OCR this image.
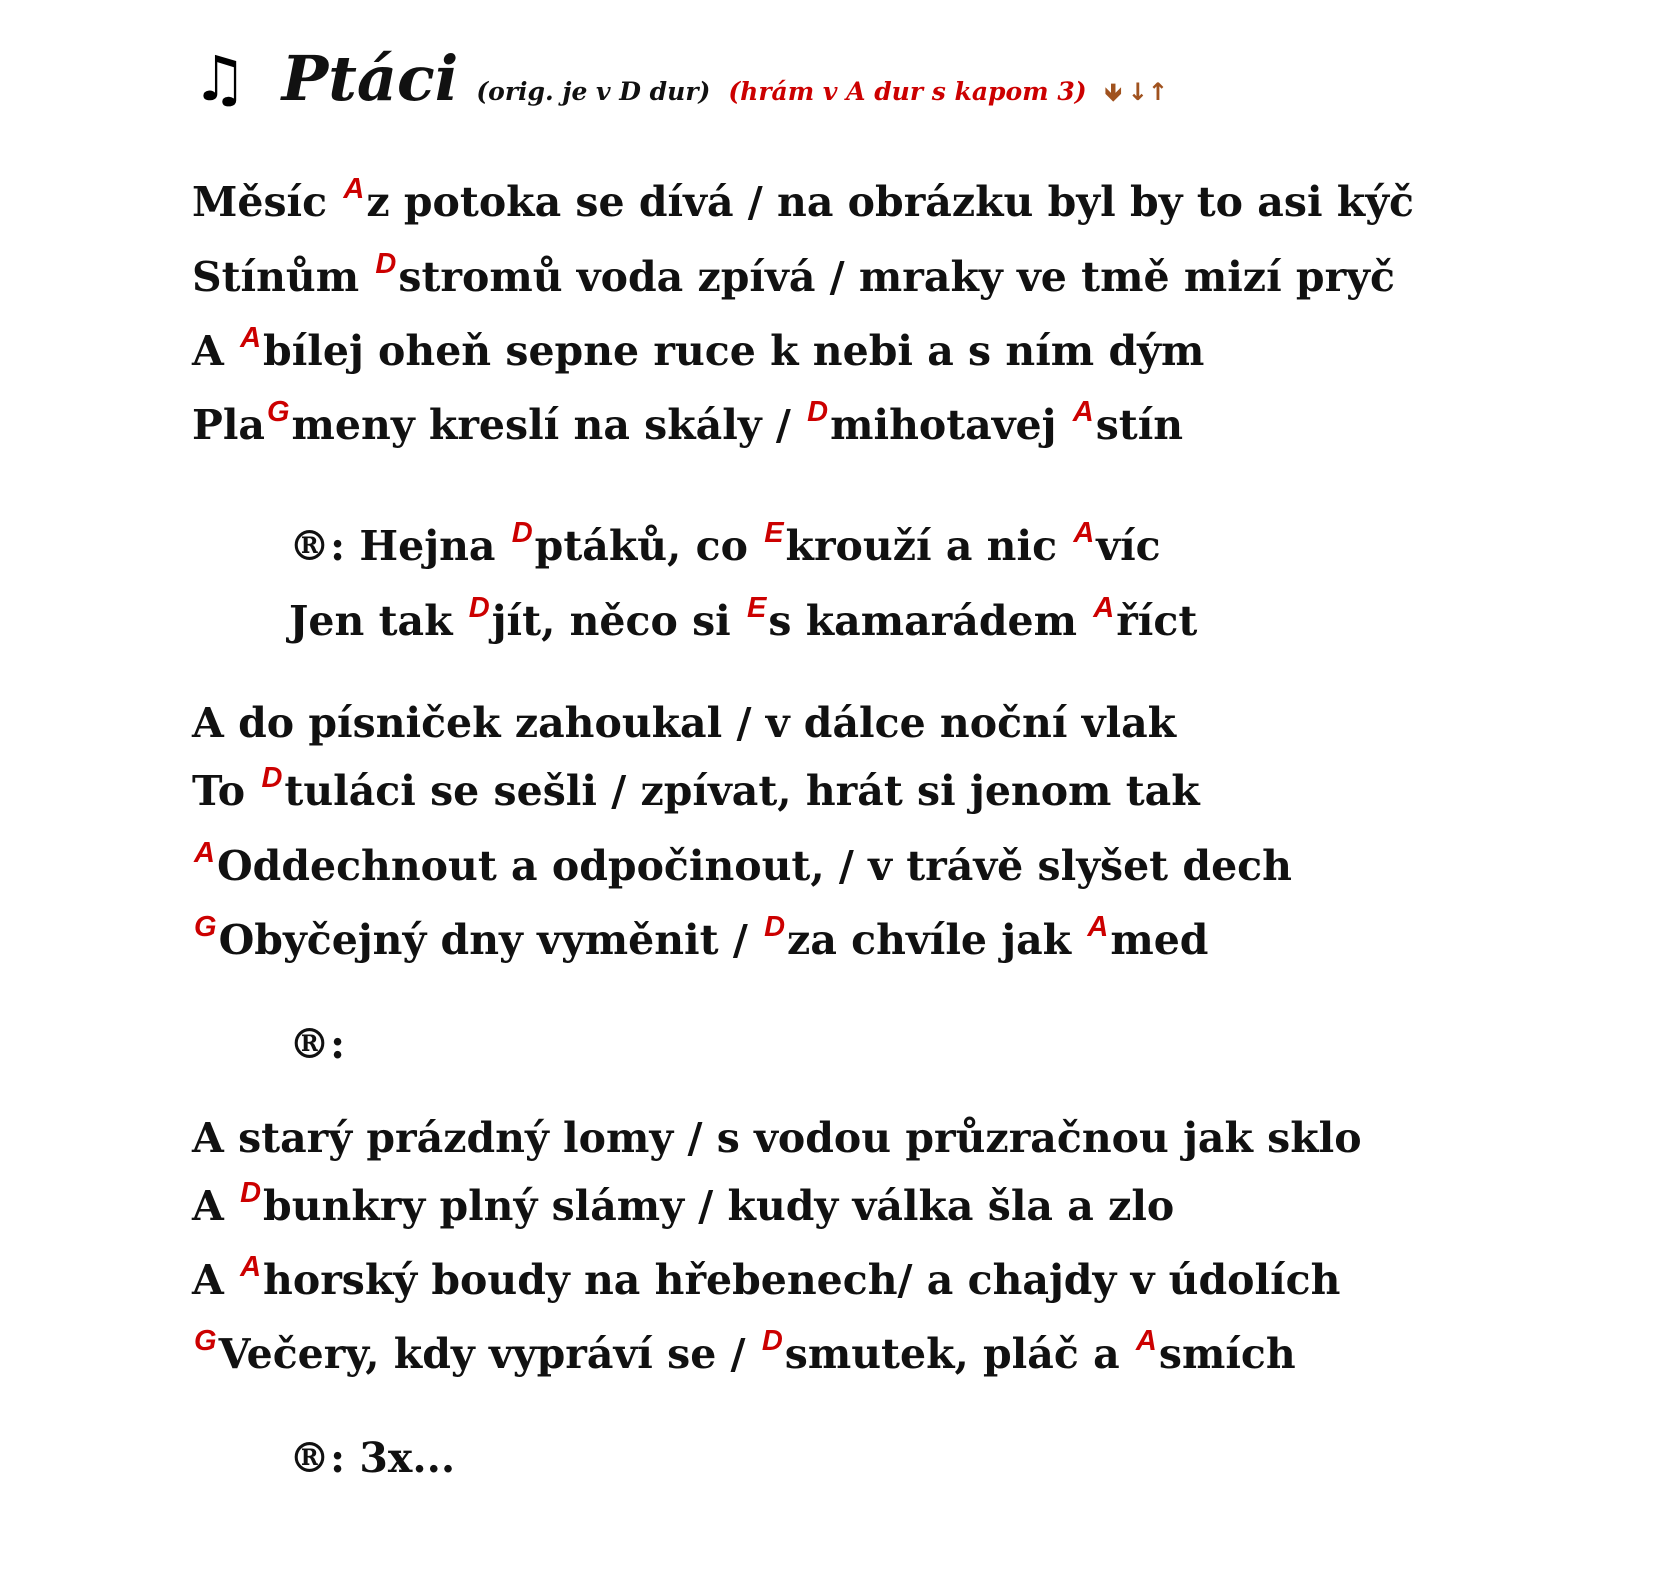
♫ Ptáci (orig. je v D dur) (hrám v A dur s kapom 3) 🡻 ↓↑
Měsíc $^A$z potoka se dívá / na obrázku byl by to asi kýč
Stínům $^D$stromů voda zpívá / mraky ve tmě mizí pryč
A $^A$bílej oheň sepne ruce k nebi a s ním dým
Pla$^G$meny kreslí na skály / $^D$mihotavej $^A$stín
®: Hejna $^D$ptáků, co $^E$krouží a nic $^A$víc
Jen tak $^D$jít, něco si $^E$s kamarádem $^A$říct
A do písniček zahoukal / v dálce noční vlak
To $^D$tuláci se sešli / zpívat, hrát si jenom tak
$^A$Oddechnout a odpočinout, / v trávě slyšet dech
$^G$Obyčejný dny vyměnit / $^D$za chvíle jak $^A$med
®:
A starý prázdný lomy / s vodou průzračnou jak sklo
A $^D$bunkry plný slámy / kudy válka šla a zlo
A $^A$horský boudy na hřebenech/ a chajdy v údolích
$^G$Večery, kdy vypráví se / $^D$smutek, pláč a $^A$smích
®: 3x...
